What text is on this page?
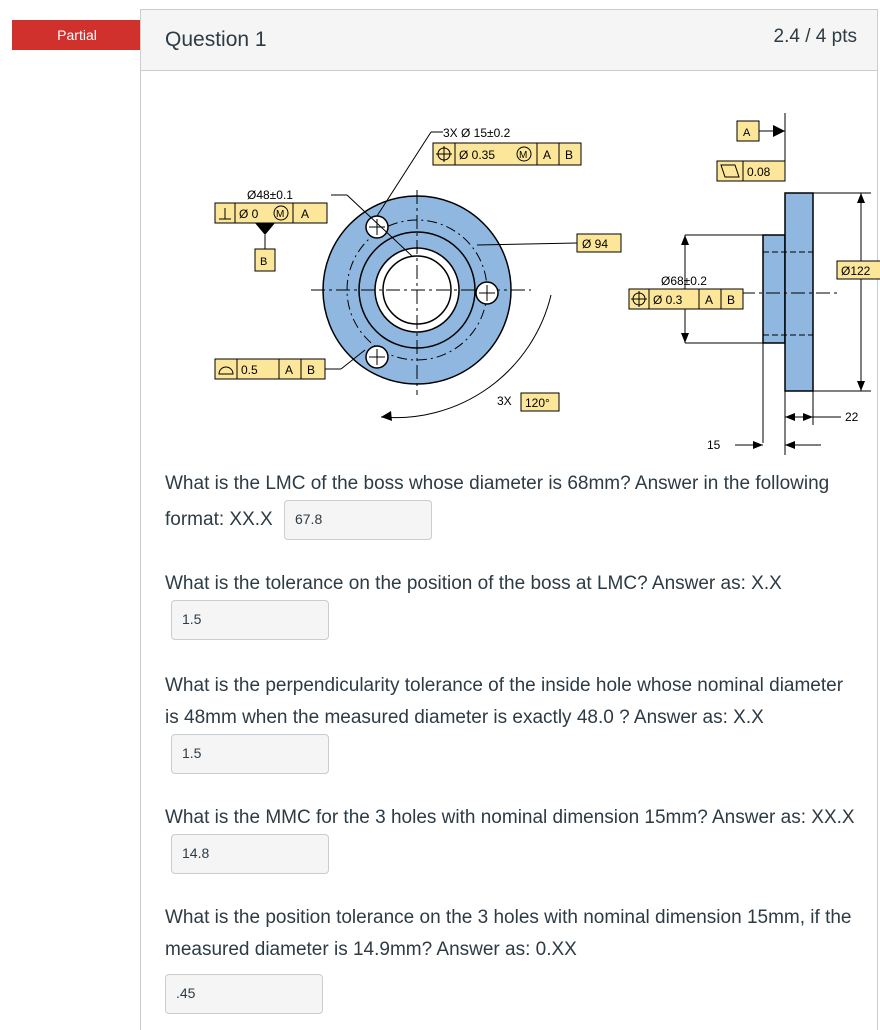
Partial	Question 1	2.4 / 4 pts
3X Ø 15±0.2
Ø 0.35 M A B
Ø48±0.1
Ø 0 M A
B
0.5 A B
Ø 94
3X 120°
Ø68±0.2
Ø 0.3 A B
Ø122
A
0.08
22
15
What is the LMC of the boss whose diameter is 68mm? Answer in the following format: XX.X 67.8
What is the tolerance on the position of the boss at LMC? Answer as: X.X 1.5
What is the perpendicularity tolerance of the inside hole whose nominal diameter is 48mm when the measured diameter is exactly 48.0 ? Answer as: X.X 1.5
What is the MMC for the 3 holes with nominal dimension 15mm? Answer as: XX.X 14.8
What is the position tolerance on the 3 holes with nominal dimension 15mm, if the measured diameter is 14.9mm? Answer as: 0.XX
.45
